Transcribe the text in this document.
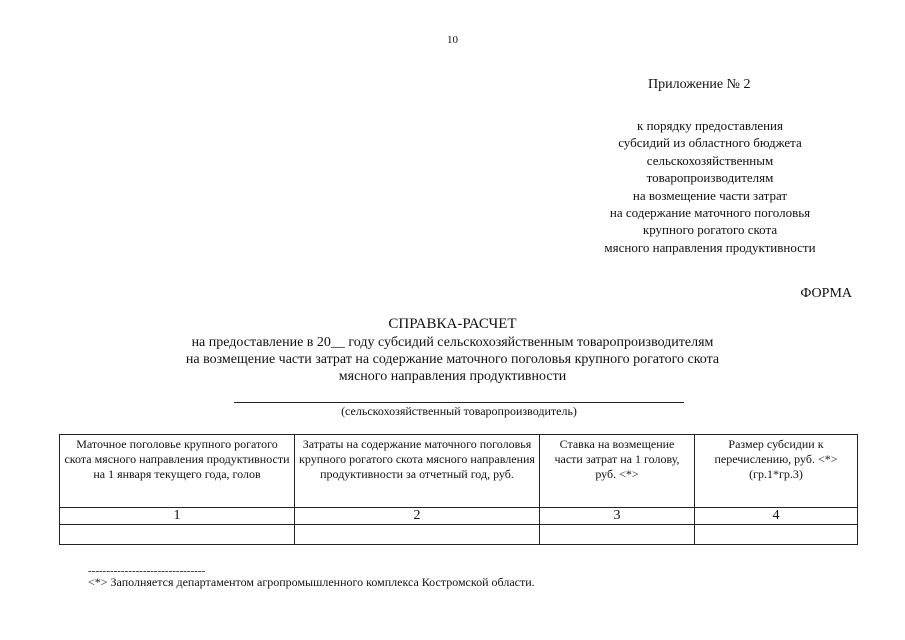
10
Приложение № 2
к порядку предоставления
субсидий из областного бюджета
сельскохозяйственным
товаропроизводителям
на возмещение части затрат
на содержание маточного поголовья
крупного рогатого скота
мясного направления продуктивности
ФОРМА
СПРАВКА-РАСЧЕТ
на предоставление в 20__ году субсидий сельскохозяйственным товаропроизводителям
на возмещение части затрат на содержание маточного поголовья крупного рогатого скота
мясного направления продуктивности
(сельскохозяйственный товаропроизводитель)
Маточное поголовье крупного рогатого скота мясного направления продуктивности на 1 января текущего года, голов	Затраты на содержание маточного поголовья крупного рогатого скота мясного направления продуктивности за отчетный год, руб.	Ставка на возмещение части затрат на 1 голову, руб. <*>	Размер субсидии к перечислению, руб. <*> (гр.1*гр.3)
1	2	3	4

--------------------------------
<*> Заполняется департаментом агропромышленного комплекса Костромской области.
